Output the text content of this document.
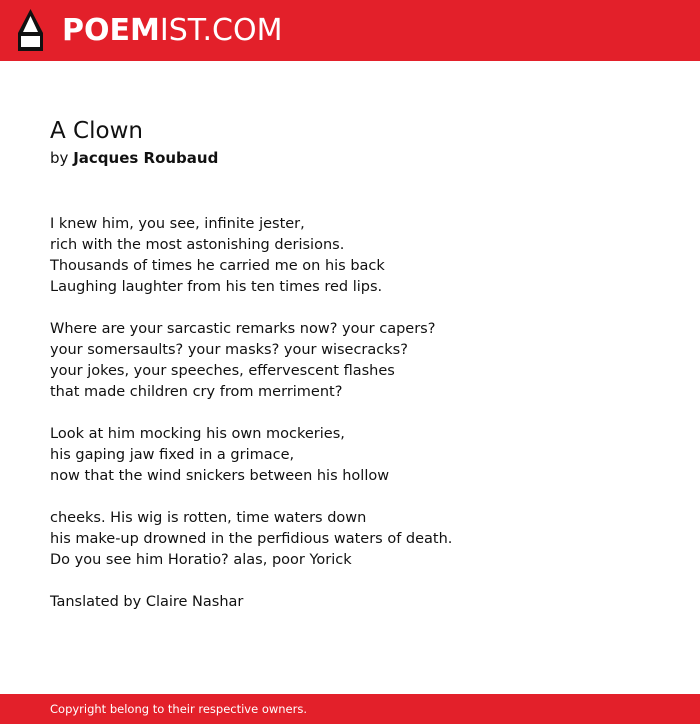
POEMIST.COM
A Clown
by Jacques Roubaud
I knew him, you see, infinite jester,
rich with the most astonishing derisions.
Thousands of times he carried me on his back
Laughing laughter from his ten times red lips.
Where are your sarcastic remarks now? your capers?
your somersaults? your masks? your wisecracks?
your jokes, your speeches, effervescent flashes
that made children cry from merriment?
Look at him mocking his own mockeries,
his gaping jaw fixed in a grimace,
now that the wind snickers between his hollow
cheeks. His wig is rotten, time waters down
his make-up drowned in the perfidious waters of death.
Do you see him Horatio? alas, poor Yorick
Tanslated by Claire Nashar
Copyright belong to their respective owners.
